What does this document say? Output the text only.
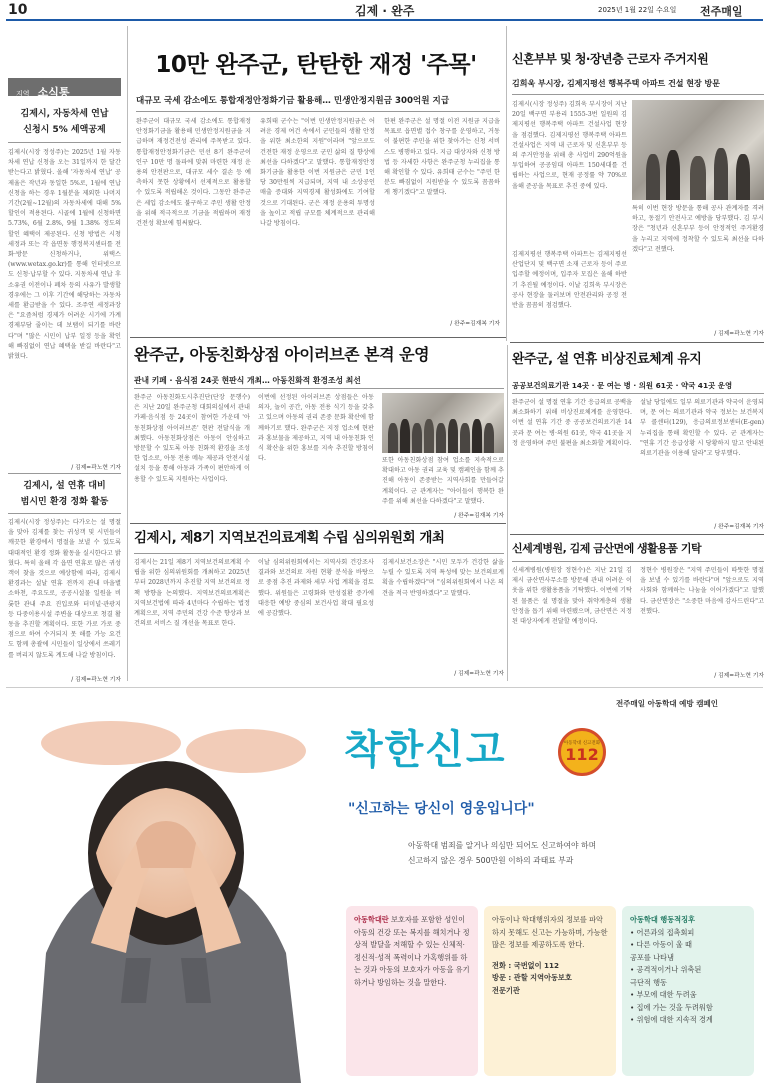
10	김제 · 완주	2025년 1월 22일 수요일 전주매일
지역 소식통
김제시, 자동차세 연납
신청시 5% 세액공제
김제시(시장 정성주)는 2025년 1월 자동차세 연납 신청을 오는 31일까지 한 달간 받는다고 밝혔다. 올해 '자동차세 연납' 공제율은 작년과 동일한 5%로, 1월에 연납 신청을 하는 경우 1월분을 제외한 나머지 기간(2월~12월)의 자동차세에 대해 5% 할인이 적용된다. 시골에 1월에 신청하면 5.73%, 6월 2.8%, 9월 1.38% 정도의 할인 혜택이 제공된다. 신청 방법은 시청 세정과 또는 각 읍면동 행정복지센터를 전화·방문 신청하거나, 위택스(www.wetax.go.kr)를 통해 인터넷으로도 신청·납부할 수 있다. 지동차세 연납 후 소유권 이전이나 폐차 등의 사유가 발생할 경우에는 그 이후 기간에 해당하는 자동차세를 환급받을 수 있다. 조주연 세정과장은 "요즘처럼 경제가 어려운 시기에 가계경제부담 줄이는 데 보탬이 되기를 바란다"며 "많은 시민이 납부 일정 등을 확인해 빠짐없이 연납 혜택을 받길 바란다"고 밝혔다.
/ 김제=곽노현 기자
김제시, 설 연휴 대비
범시민 환경 정화 활동
김제시(시장 정성주)는 다가오는 설 명절을 맞아 김제를 찾는 귀성객 및 시민들이 깨끗한 환경에서 명절을 보낼 수 있도록 대대적인 환경 정화 활동을 실시한다고 밝혔다. 특히 올해 각 읍면 연휴로 많은 귀성객이 찾을 것으로 예상함에 따라, 김제시 환경과는 설날 연휴 전까지 관내 마을별 소하천, 주요도로, 공공시설물 일원을 비롯한 관내 주요 진입로와 터미널·관광지 등 다중이용시설 주변을 대상으로 청결 활동을 추진할 계획이다. 또한 가로 가로 중점으로 하여 수거되지 못 해를 가능 요건도 함께 총괄에 시민들이 일상에서 쓰레기를 버리지 않도록 계도해 나갈 방침이다.
/ 김제=곽노현 기자
10만 완주군, 탄탄한 재정 '주목'
대규모 국세 감소에도 통합재정안정화기금 활용해… 민생안정지원금 300억원 지급
완주군이 대규모 국세 감소에도 통합재정안정화기금을 활용해 민생안정지원금을 지급하며 재정건전성 관리에 주목받고 있다. 통합재정안정화기금은 민선 8기 완주군이 인구 10만 명 돌파에 맞춰 마련한 재정 운용의 안전판으로, 대규모 세수 결손 등 예측하지 못한 상황에서 선제적으로 활용할 수 있도록 적립해온 것이다. 그동안 완주군은 세입 감소에도 불구하고 주민 생활 안정을 위해 적극적으로 기금을 적립하며 재정 건전성 확보에 힘써왔다.
유희태 군수는 "이번 민생안정지원금은 어려운 경제 여건 속에서 군민들의 생활 안정을 위한 최소한의 지원"이라며 "앞으로도 건전한 재정 운영으로 군민 삶의 질 향상에 최선을 다하겠다"고 말했다. 통합재정안정화기금을 활용한 이번 지원금은 군민 1인당 30만원씩 지급되며, 지역 내 소상공인 매출 증대와 지역경제 활성화에도 기여할 것으로 기대된다. 군은 재정 운용의 투명성을 높이고 적립 규모를 체계적으로 관리해 나갈 방침이다.
한편 완주군은 설 명절 이전 지원금 지급을 목표로 읍면별 접수 창구를 운영하고, 거동이 불편한 주민을 위한 찾아가는 신청 서비스도 병행하고 있다. 지급 대상자와 신청 방법 등 자세한 사항은 완주군청 누리집을 통해 확인할 수 있다. 유희태 군수는 "주민 한 분도 빠짐없이 지원받을 수 있도록 꼼꼼하게 챙기겠다"고 말했다.
/ 완주=김재복 기자
신혼부부 및 청·장년층 근로자 주거지원
김희욱 부시장, 김제지평선 행복주택 아파트 건설 현장 방문
김제시(시장 정성주) 김희욱 부시장이 지난 20일 백구면 부용리 1555-3번 일원의 김제지평선 행복주택 아파트 건설사업 현장을 점검했다. 김제지평선 행복주택 아파트 건설사업은 지역 내 근로자 및 신혼부부 등의 주거안정을 위해 총 사업비 290억원을 투입하여 공공임대 아파트 150세대를 건립하는 사업으로, 현재 공정률 약 70%로 올해 준공을 목표로 추진 중에 있다.
김제지평선 행복주택 아파트는 김제지평선 산업단지 및 백구면 소재 근로자 등이 주로 입주할 예정이며, 입주자 모집은 올해 하반기 추진될 예정이다. 이날 김희욱 부시장은 공사 현장을 둘러보며 안전관리와 공정 전반을 꼼꼼히 점검했다.
특히 이번 현장 방문을 통해 공사 관계자를 격려하고, 동절기 안전사고 예방을 당부했다. 김 부시장은 "청년과 신혼부부 등이 안정적인 주거환경을 누리고 지역에 정착할 수 있도록 최선을 다하겠다"고 전했다.
/ 김제=곽노현 기자
완주군, 아동친화상점 아이러브존 본격 운영
관내 키페 · 음식점 24곳 현판식 개최… 아동친화적 환경조성 최선
완주군 아동친화도시추진단(단장 문행수)은 지난 20일 완주군청 대회의실에서 관내 카페·음식점 등 24곳이 참여한 가운데 '아동친화상점 아이러브존' 현판 전달식을 개최했다. 아동친화상점은 아동이 안심하고 방문할 수 있도록 아동 친화적 환경을 조성한 업소로, 아동 전용 메뉴 제공과 안전시설 설치 등을 통해 아동과 가족이 편안하게 이용할 수 있도록 지원하는 사업이다.
이번에 선정된 아이러브존 상점들은 아동 의자, 놀이 공간, 아동 전용 식기 등을 갖추고 있으며 아동의 권리 존중 문화 확산에 함께하기로 했다. 완주군은 지정 업소에 현판과 홍보물을 제공하고, 지역 내 아동친화 인식 확산을 위한 홍보를 지속 추진할 방침이다.	또한 아동친화상점 참여 업소를 지속적으로 확대하고 아동 권리 교육 및 캠페인을 함께 추진해 아동이 존중받는 지역사회를 만들어갈 계획이다. 군 관계자는 "아이들이 행복한 완주를 위해 최선을 다하겠다"고 말했다.
/ 완주=김재복 기자
완주군, 설 연휴 비상진료체계 유지
공공보건의료기관 14곳 · 문 여는 병 · 의원 61곳 · 약국 41곳 운영
완주군이 설 명절 연휴 기간 응급의료 공백을 최소화하기 위해 비상진료체계를 운영한다. 이번 설 연휴 기간 중 공공보건의료기관 14곳과 문 여는 병·의원 61곳, 약국 41곳을 지정 운영하며 주민 불편을 최소화할 계획이다.
설날 당일에도 일부 의료기관과 약국이 운영되며, 문 여는 의료기관과 약국 정보는 보건복지부 콜센터(129), 응급의료정보센터(E-gen) 누리집을 통해 확인할 수 있다. 군 관계자는 "연휴 기간 응급상황 시 당황하지 말고 안내된 의료기관을 이용해 달라"고 당부했다.
/ 완주=김재복 기자
김제시, 제8기 지역보건의료계획 수립 심의위원회 개최
김제시는 21일 제8기 지역보건의료계획 수립을 위한 심의위원회를 개최하고 2025년부터 2028년까지 추진할 지역 보건의료 정책 방향을 논의했다. 지역보건의료계획은 지역보건법에 따라 4년마다 수립하는 법정 계획으로, 지역 주민의 건강 수준 향상과 보건의료 서비스 질 개선을 목표로 한다.
이날 심의위원회에서는 지역사회 건강조사 결과와 보건의료 자원 현황 분석을 바탕으로 중점 추진 과제와 세부 사업 계획을 검토했다. 위원들은 고령화와 만성질환 증가에 대응한 예방 중심의 보건사업 확대 필요성에 공감했다.
김제시보건소장은 "시민 모두가 건강한 삶을 누릴 수 있도록 지역 특성에 맞는 보건의료계획을 수립하겠다"며 "심의위원회에서 나온 의견을 적극 반영하겠다"고 말했다.
/ 김제=곽노현 기자
신세계병원, 김제 금산면에 생활용품 기탁
신세계병원(병원장 정현수)은 지난 21일 김제시 금산면사무소를 방문해 관내 어려운 이웃을 위한 생활용품을 기탁했다. 이번에 기탁된 물품은 설 명절을 맞아 취약계층의 생활 안정을 돕기 위해 마련됐으며, 금산면은 지정된 대상자에게 전달할 예정이다.
정현수 병원장은 "지역 주민들이 따뜻한 명절을 보낼 수 있기를 바란다"며 "앞으로도 지역사회와 함께하는 나눔을 이어가겠다"고 말했다. 금산면장은 "소중한 마음에 감사드린다"고 전했다.
/ 김제=곽노현 기자
전주매일 아동학대 예방 캠페인
착한신고	아동학대 신고전화
112
"신고하는 당신이 영웅입니다"
아동학대 범죄를 알거나 의심만 되어도 신고하여야 하며
신고하지 않은 경우 500만원 이하의 과태료 부과
아동학대란 보호자를 포함한 성인이 아동의 건강 또는 복지를 해치거나 정상적 발달을 저해할 수 있는 신체적·정신적·성적 폭력이나 가혹행위를 하는 것과 아동의 보호자가 아동을 유기하거나 방임하는 것을 말한다.
아동이나 학대행위자의 정보를 파악하지 못해도 신고는 가능하며, 가능한 많은 정보를 제공하도록 한다.
전화 : 국번없이 112
방문 : 관할 지역아동보호
전문기관
아동학대 행동적징후
• 어른과의 접촉회피
• 다른 아동이 울 때
공포를 나타냄
• 공격적이거나 위축된
극단적 행동
• 부모에 대한 두려움
• 집에 가는 것을 두려워함
• 위험에 대한 지속적 경계
